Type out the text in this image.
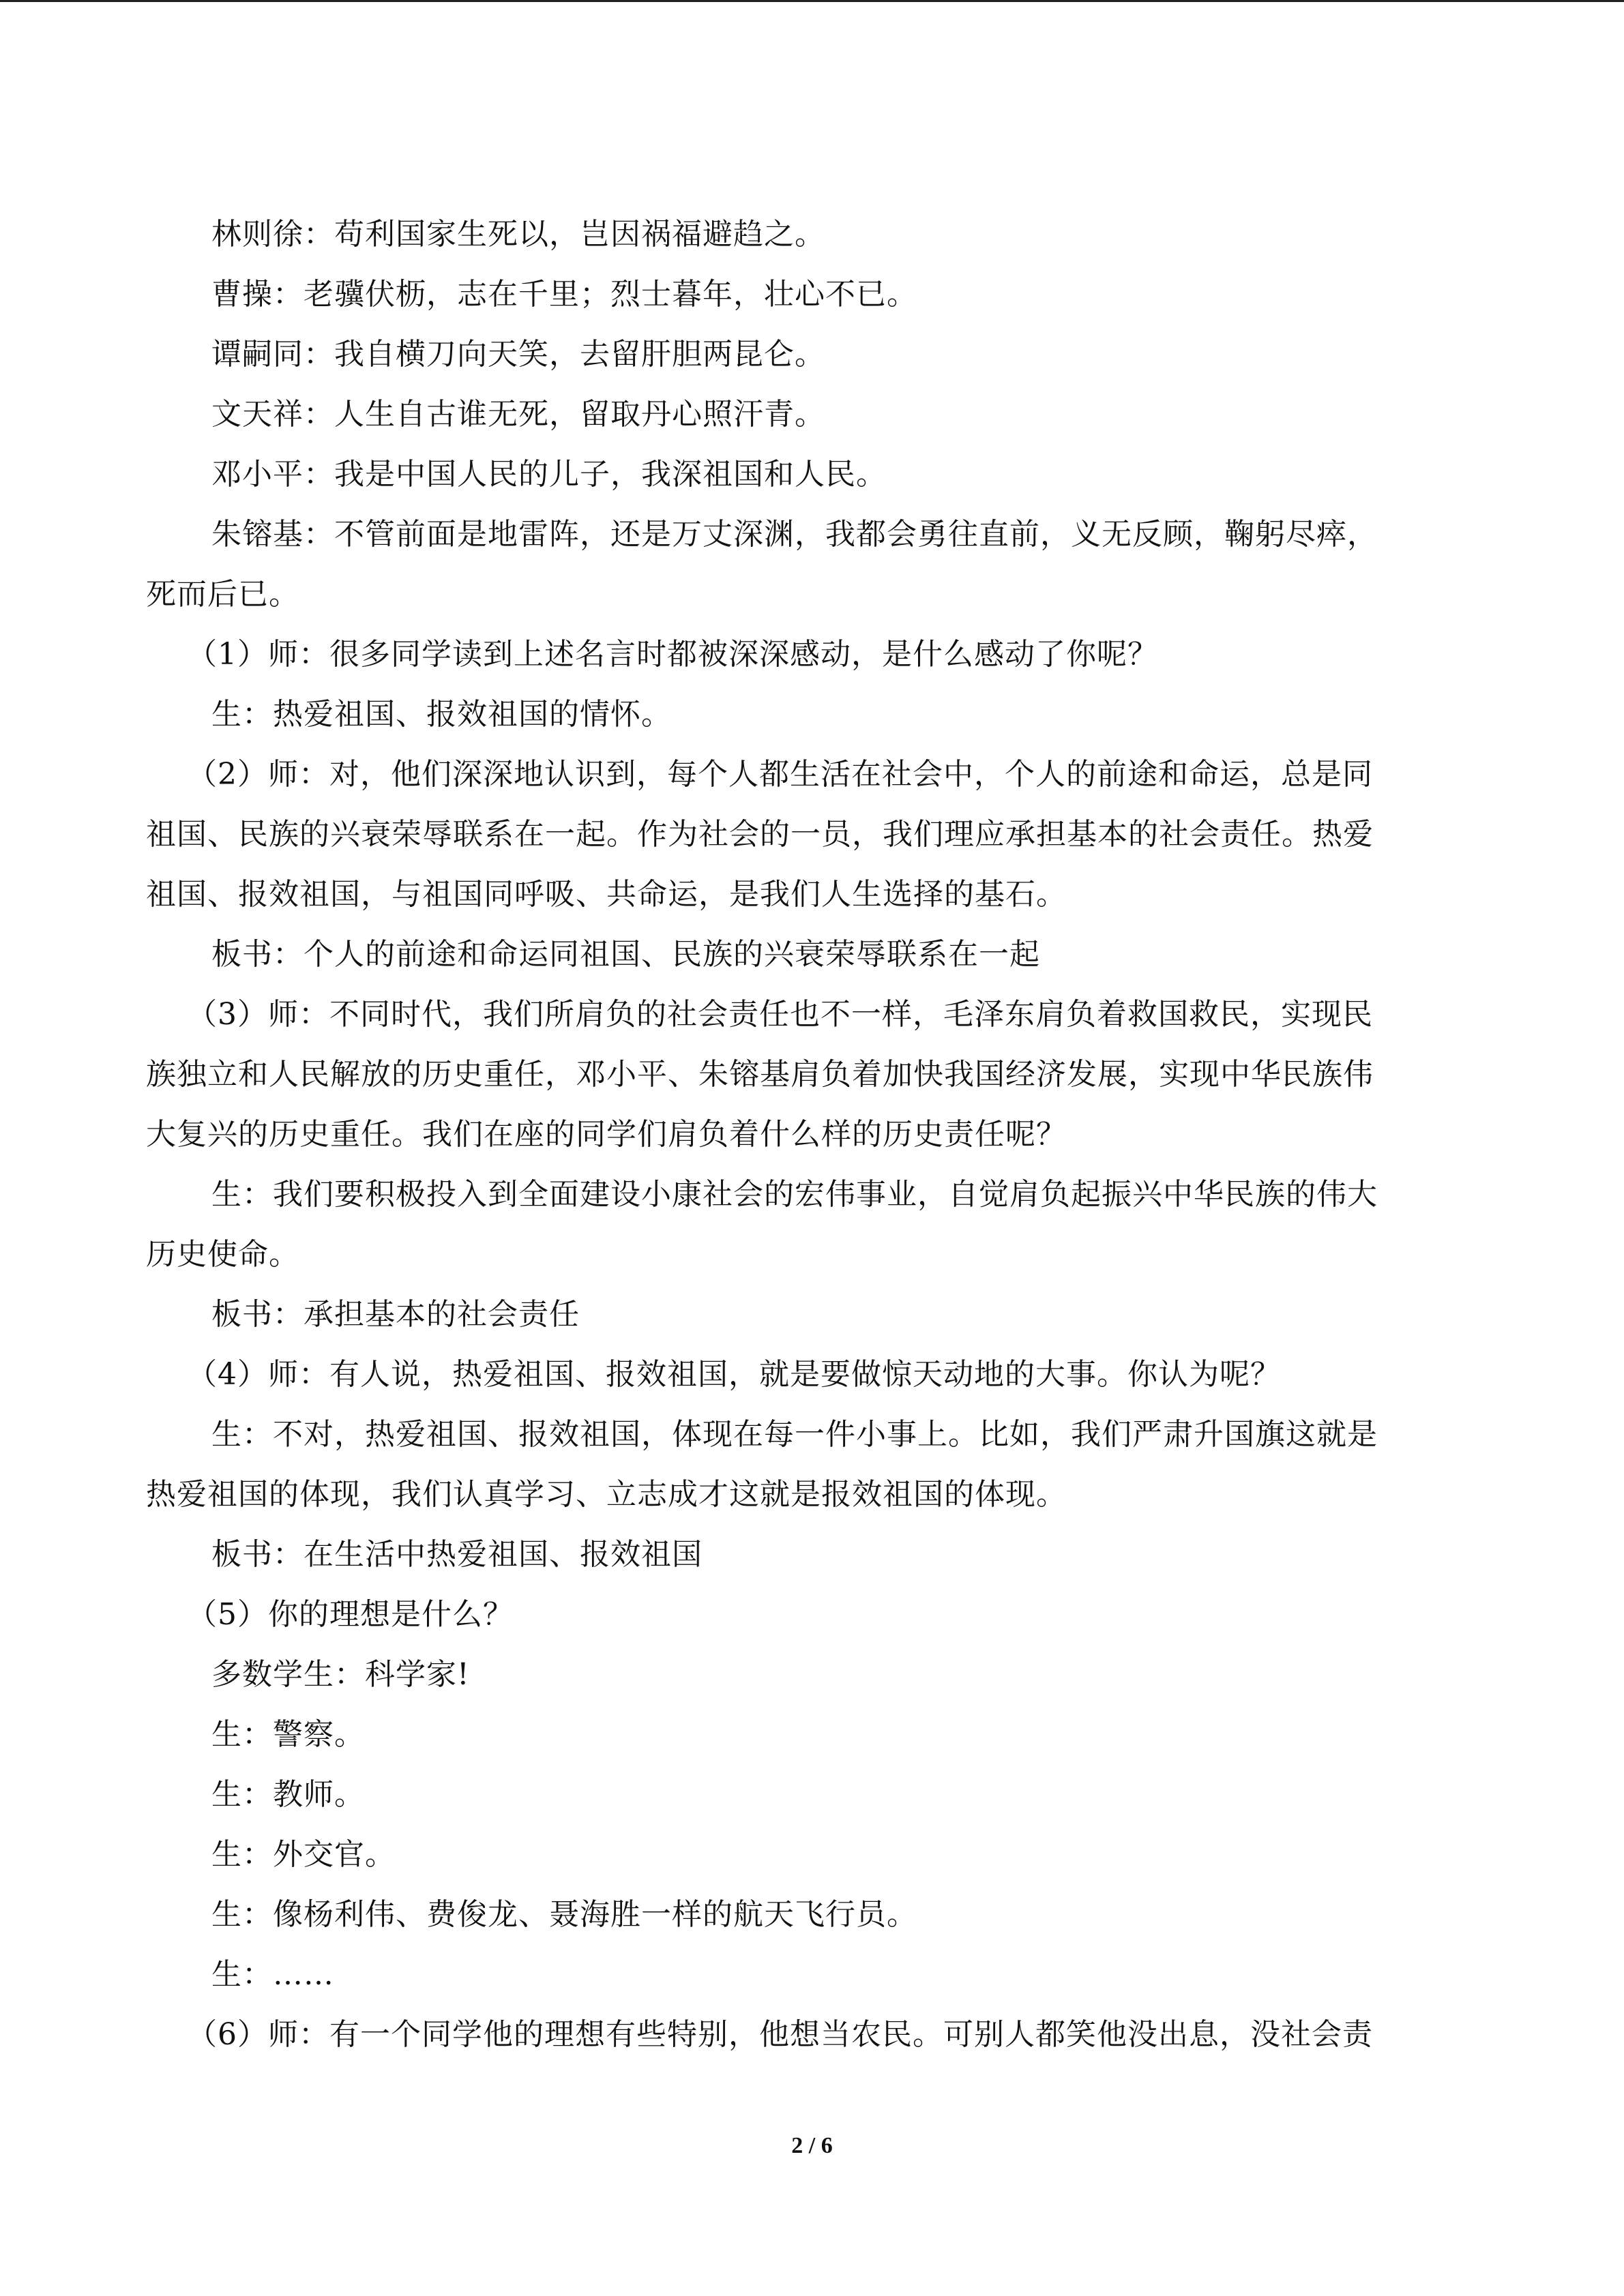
林则徐：苟利国家生死以，岂因祸福避趋之。
曹操：老骥伏枥，志在千里；烈士暮年，壮心不已。
谭嗣同：我自横刀向天笑，去留肝胆两昆仑。
文天祥：人生自古谁无死，留取丹心照汗青。
邓小平：我是中国人民的儿子，我深祖国和人民。
朱镕基：不管前面是地雷阵，还是万丈深渊，我都会勇往直前，义无反顾，鞠躬尽瘁，
死而后已。
（1）师：很多同学读到上述名言时都被深深感动，是什么感动了你呢？
生：热爱祖国、报效祖国的情怀。
（2）师：对，他们深深地认识到，每个人都生活在社会中，个人的前途和命运，总是同
祖国、民族的兴衰荣辱联系在一起。作为社会的一员，我们理应承担基本的社会责任。热爱
祖国、报效祖国，与祖国同呼吸、共命运，是我们人生选择的基石。
板书：个人的前途和命运同祖国、民族的兴衰荣辱联系在一起
（3）师：不同时代，我们所肩负的社会责任也不一样，毛泽东肩负着救国救民，实现民
族独立和人民解放的历史重任，邓小平、朱镕基肩负着加快我国经济发展，实现中华民族伟
大复兴的历史重任。我们在座的同学们肩负着什么样的历史责任呢？
生：我们要积极投入到全面建设小康社会的宏伟事业，自觉肩负起振兴中华民族的伟大
历史使命。
板书：承担基本的社会责任
（4）师：有人说，热爱祖国、报效祖国，就是要做惊天动地的大事。你认为呢？
生：不对，热爱祖国、报效祖国，体现在每一件小事上。比如，我们严肃升国旗这就是
热爱祖国的体现，我们认真学习、立志成才这就是报效祖国的体现。
板书：在生活中热爱祖国、报效祖国
（5）你的理想是什么？
多数学生：科学家!
生：警察。
生：教师。
生：外交官。
生：像杨利伟、费俊龙、聂海胜一样的航天飞行员。
生：……
（6）师：有一个同学他的理想有些特别，他想当农民。可别人都笑他没出息，没社会责
2 / 6
